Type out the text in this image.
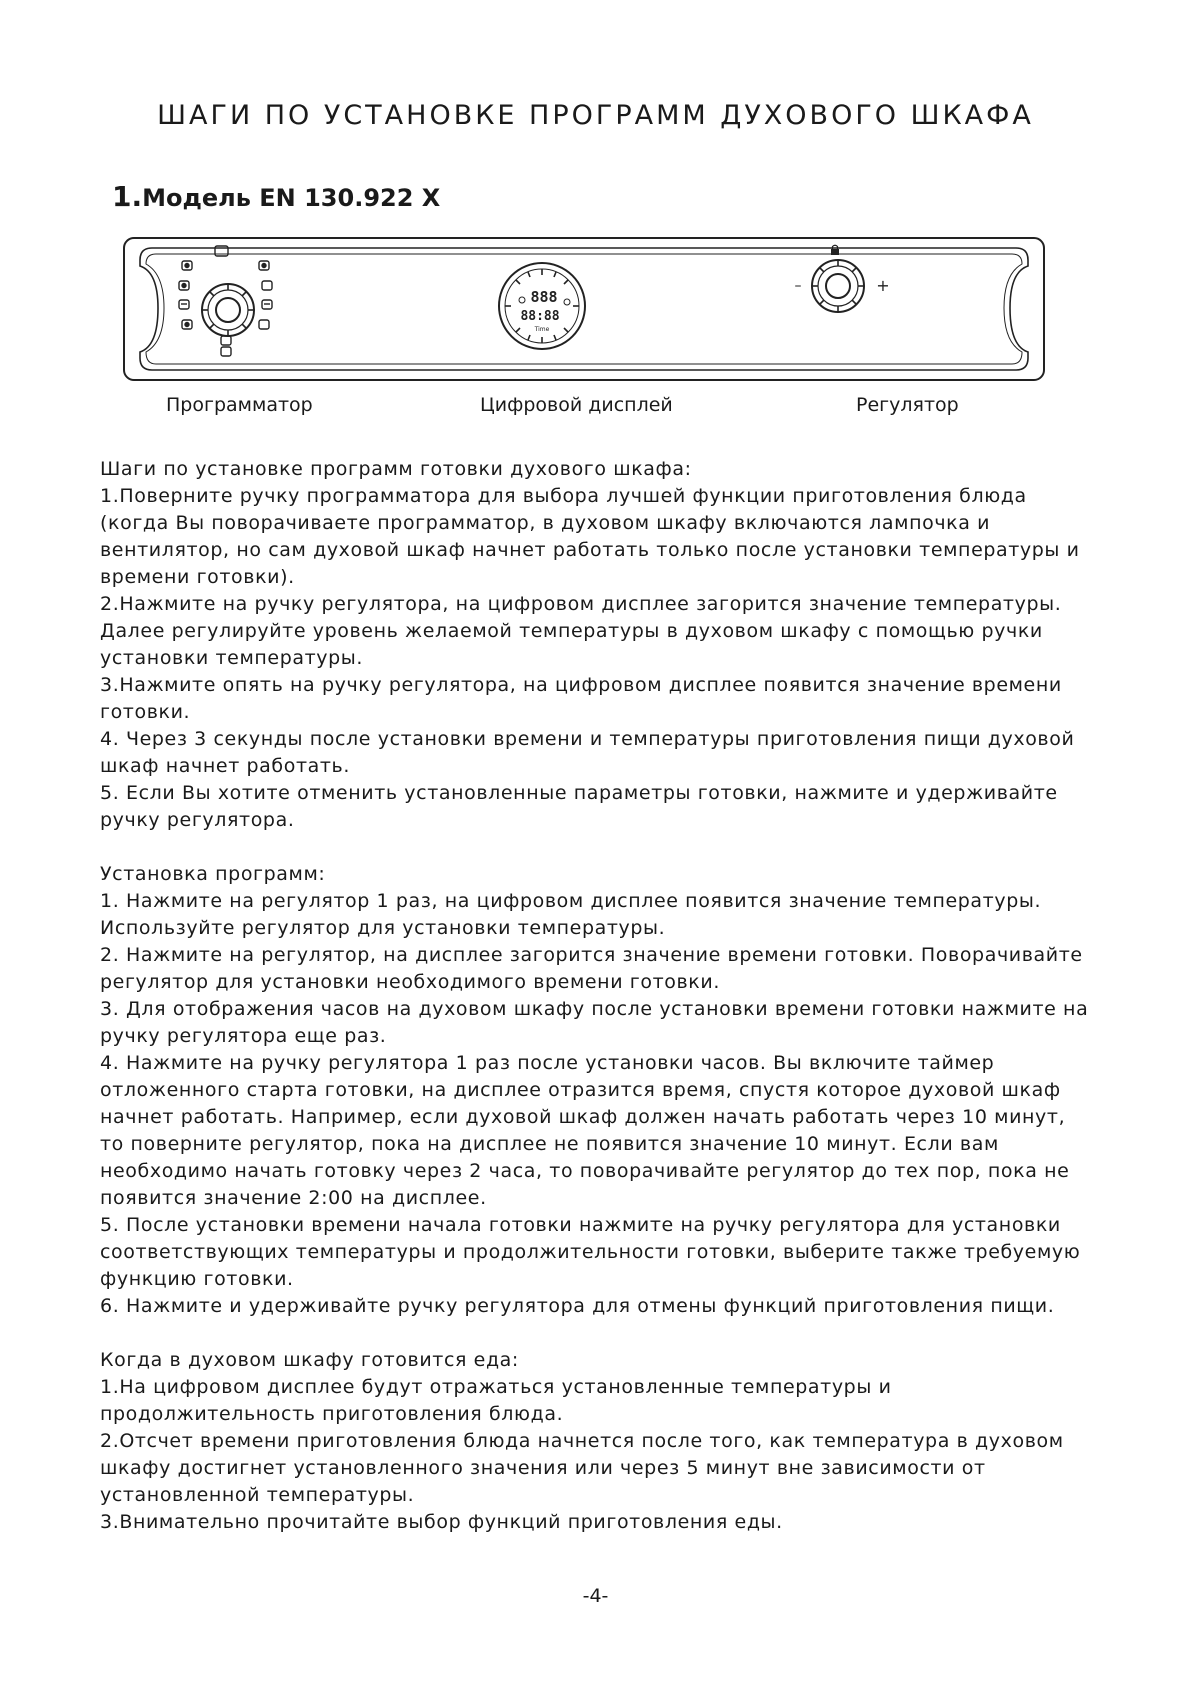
ШАГИ ПО УСТАНОВКЕ ПРОГРАММ ДУХОВОГО ШКАФА
1.Модель EN 130.922 X
888
88:88
Time
–	+
Программатор	Цифровой дисплей	Регулятор

Шаги по установке программ готовки духового шкафа:

1.Поверните ручку программатора для выбора лучшей функции приготовления блюда (когда Вы поворачиваете программатор, в духовом шкафу включаются лампочка и вентилятор, но сам духовой шкаф начнет работать только после установки температуры и времени готовки).

2.Нажмите на ручку регулятора, на цифровом дисплее загорится значение температуры. Далее регулируйте уровень желаемой температуры в духовом шкафу с помощью ручки установки температуры.

3.Нажмите опять на ручку регулятора, на цифровом дисплее появится значение времени готовки.

4. Через 3 секунды после установки времени и температуры приготовления пищи духовой шкаф начнет работать.

5. Если Вы хотите отменить установленные параметры готовки, нажмите и удерживайте ручку регулятора.

Установка программ:

1. Нажмите на регулятор 1 раз, на цифровом дисплее появится значение температуры. Используйте регулятор для установки температуры.

2. Нажмите на регулятор, на дисплее загорится значение времени готовки. Поворачивайте регулятор для установки необходимого времени готовки.

3. Для отображения часов на духовом шкафу после установки времени готовки нажмите на ручку регулятора еще раз.

4. Нажмите на ручку регулятора 1 раз после установки часов. Вы включите таймер отложенного старта готовки, на дисплее отразится время, спустя которое духовой шкаф начнет работать. Например, если духовой шкаф должен начать работать через 10 минут, то поверните регулятор, пока на дисплее не появится значение 10 минут. Если вам необходимо начать готовку через 2 часа, то поворачивайте регулятор до тех пор, пока не появится значение 2:00 на дисплее.

5. После установки времени начала готовки нажмите на ручку регулятора для установки соответствующих температуры и продолжительности готовки, выберите также требуемую функцию готовки.

6. Нажмите и удерживайте ручку регулятора для отмены функций приготовления пищи.

Когда в духовом шкафу готовится еда:

1.На цифровом дисплее будут отражаться установленные температуры и продолжительность приготовления блюда.

2.Отсчет времени приготовления блюда начнется после того, как температура в духовом шкафу достигнет установленного значения или через 5 минут вне зависимости от установленной температуры.

3.Внимательно прочитайте выбор функций приготовления еды.

-4-
